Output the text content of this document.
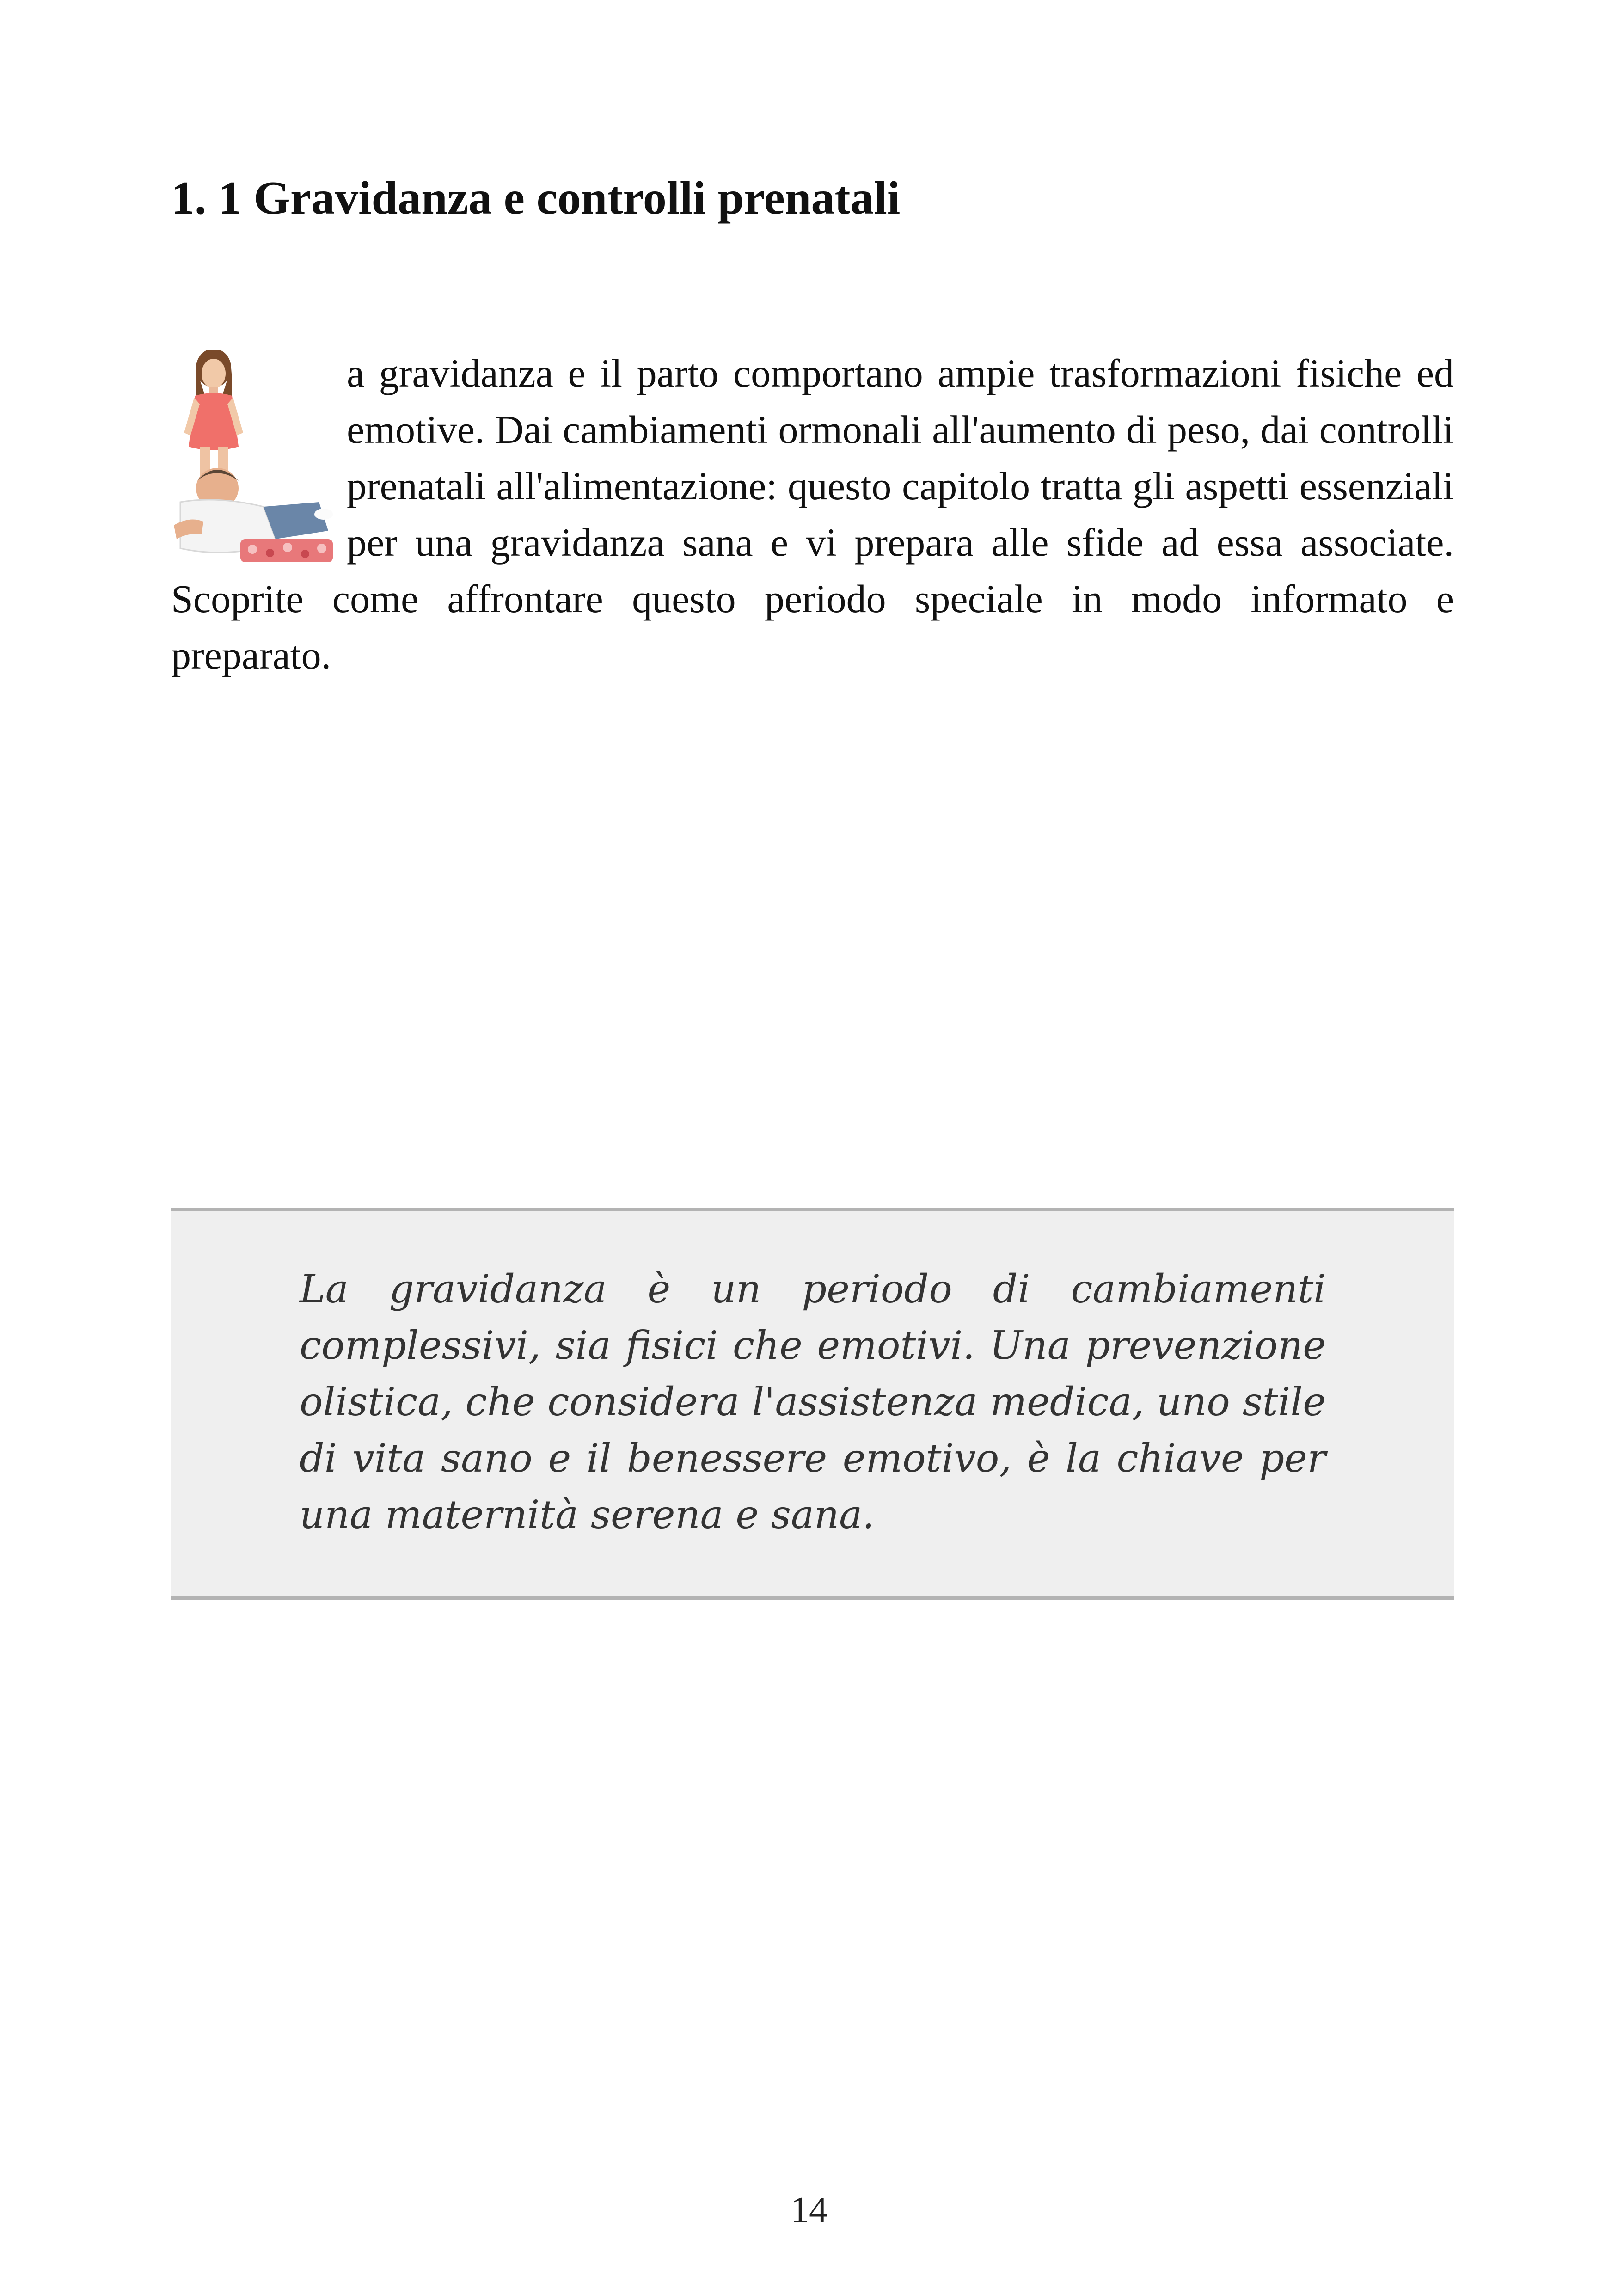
1. 1 Gravidanza e controlli prenatali

a gravidanza e il parto comportano ampie trasformazioni fisiche ed emotive. Dai cambiamenti ormonali all'aumento di peso, dai controlli prenatali all'alimentazione: questo capitolo tratta gli aspetti essenziali per una gravidanza sana e vi prepara alle sfide ad essa associate. Scoprite come affrontare questo periodo speciale in modo informato e preparato.

La gravidanza è un periodo di cambiamenti complessivi, sia fisici che emotivi. Una prevenzione olistica, che considera l'assistenza medica, uno stile di vita sano e il benessere emotivo, è la chiave per una maternità serena e sana.

14
